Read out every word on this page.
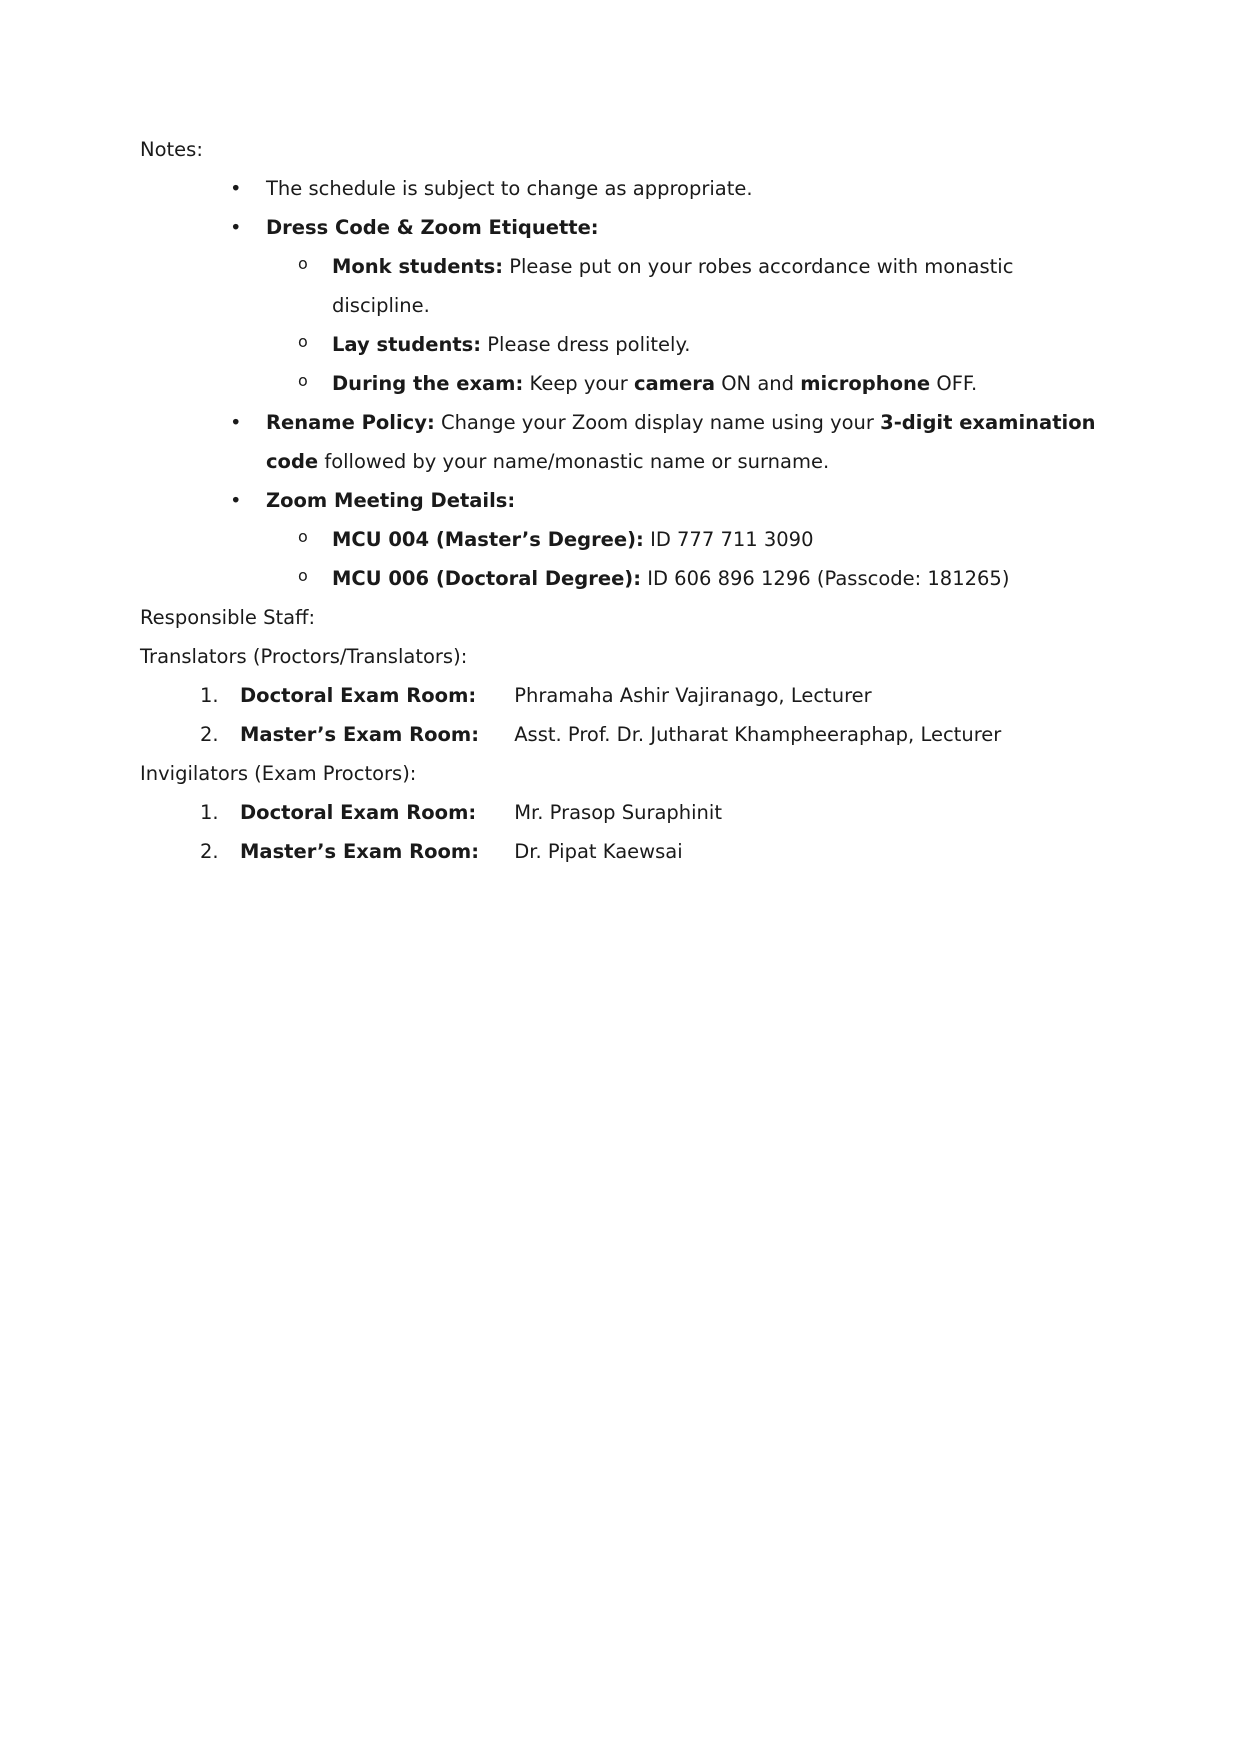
Notes:
• The schedule is subject to change as appropriate.
• Dress Code & Zoom Etiquette:
o Monk students: Please put on your robes accordance with monastic discipline.
o Lay students: Please dress politely.
o During the exam: Keep your camera ON and microphone OFF.
• Rename Policy: Change your Zoom display name using your 3-digit examination code followed by your name/monastic name or surname.
• Zoom Meeting Details:
o MCU 004 (Master’s Degree): ID 777 711 3090
o MCU 006 (Doctoral Degree): ID 606 896 1296 (Passcode: 181265)
Responsible Staff:
Translators (Proctors/Translators):
1. Doctoral Exam Room: Phramaha Ashir Vajiranago, Lecturer
2. Master’s Exam Room: Asst. Prof. Dr. Jutharat Khampheeraphap, Lecturer
Invigilators (Exam Proctors):
1. Doctoral Exam Room: Mr. Prasop Suraphinit
2. Master’s Exam Room: Dr. Pipat Kaewsai
